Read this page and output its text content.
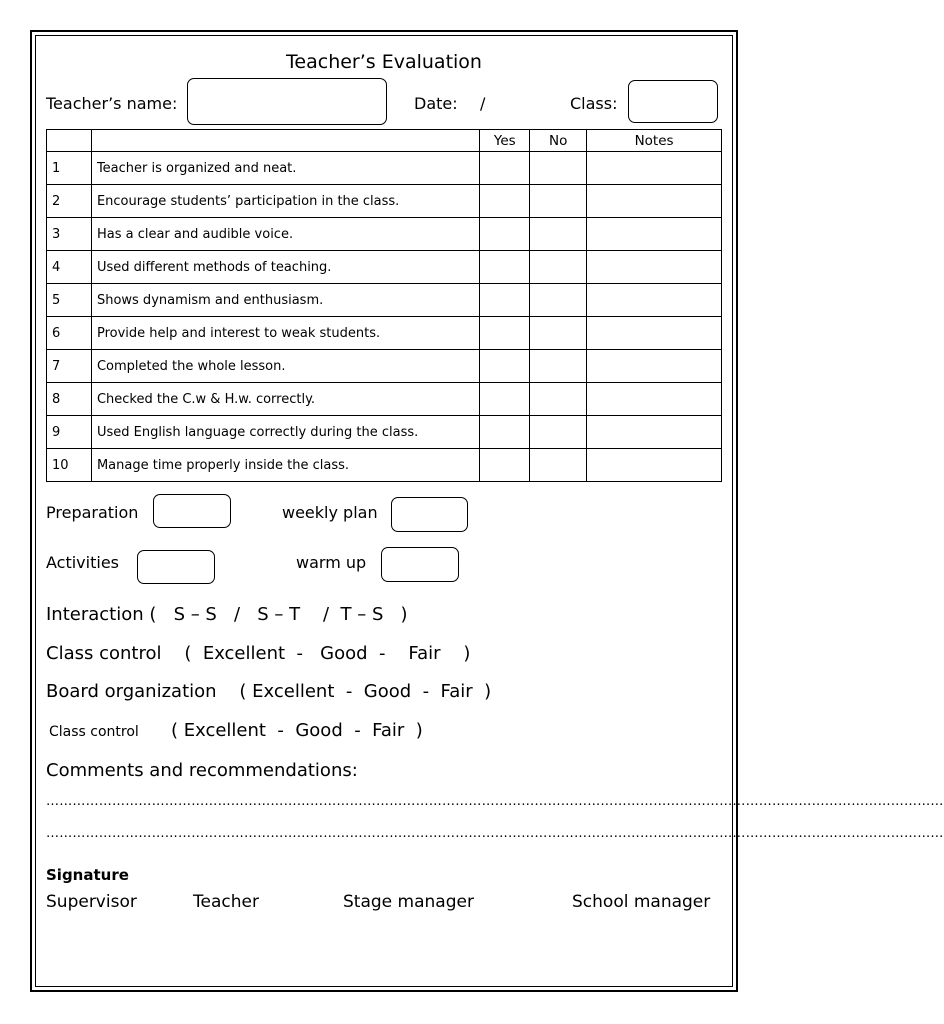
Teacher’s Evaluation
Teacher’s name:	Date: /	Class:
		Yes	No	Notes
1	Teacher is organized and neat.			
2	Encourage students’ participation in the class.			
3	Has a clear and audible voice.			
4	Used different methods of teaching.			
5	Shows dynamism and enthusiasm.			
6	Provide help and interest to weak students.			
7	Completed the whole lesson.			
8	Checked the C.w & H.w. correctly.			
9	Used English language correctly during the class.			
10	Manage time properly inside the class.			
Preparation	weekly plan
Activities	warm up
Interaction (   S – S   /   S – T    /  T – S   )
Class control    (  Excellent  -   Good  -    Fair    )
Board organization    ( Excellent  -  Good  -  Fair  )
Class control ( Excellent  -  Good  -  Fair  )
Comments and recommendations:
……………………………………………………………………………………………………………………………………………………………………………………
……………………………………………………………………………………………………………………………………………………………………………………
Signature
Supervisor	Teacher	Stage manager	School manager
